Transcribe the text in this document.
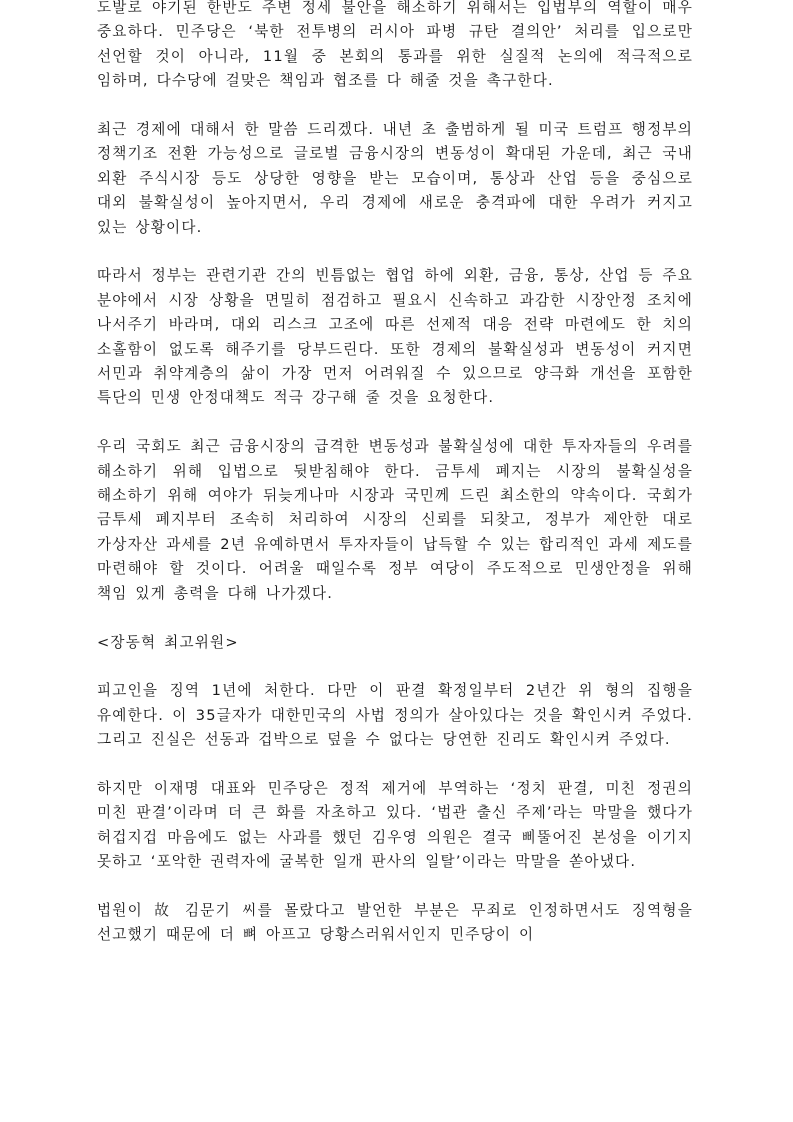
도발로 야기된 한반도 주변 정세 불안을 해소하기 위해서는 입법부의 역할이 매우 중요하다. 민주당은 ‘북한 전투병의 러시아 파병 규탄 결의안’ 처리를 입으로만 선언할 것이 아니라, 11월 중 본회의 통과를 위한 실질적 논의에 적극적으로 임하며, 다수당에 걸맞은 책임과 협조를 다 해줄 것을 촉구한다.

최근 경제에 대해서 한 말씀 드리겠다. 내년 초 출범하게 될 미국 트럼프 행정부의 정책기조 전환 가능성으로 글로벌 금융시장의 변동성이 확대된 가운데, 최근 국내 외환 주식시장 등도 상당한 영향을 받는 모습이며, 통상과 산업 등을 중심으로 대외 불확실성이 높아지면서, 우리 경제에 새로운 충격파에 대한 우려가 커지고 있는 상황이다.

따라서 정부는 관련기관 간의 빈틈없는 협업 하에 외환, 금융, 통상, 산업 등 주요 분야에서 시장 상황을 면밀히 점검하고 필요시 신속하고 과감한 시장안정 조치에 나서주기 바라며, 대외 리스크 고조에 따른 선제적 대응 전략 마련에도 한 치의 소홀함이 없도록 해주기를 당부드린다. 또한 경제의 불확실성과 변동성이 커지면 서민과 취약계층의 삶이 가장 먼저 어려워질 수 있으므로 양극화 개선을 포함한 특단의 민생 안정대책도 적극 강구해 줄 것을 요청한다.

우리 국회도 최근 금융시장의 급격한 변동성과 불확실성에 대한 투자자들의 우려를 해소하기 위해 입법으로 뒷받침해야 한다. 금투세 폐지는 시장의 불확실성을 해소하기 위해 여야가 뒤늦게나마 시장과 국민께 드린 최소한의 약속이다. 국회가 금투세 폐지부터 조속히 처리하여 시장의 신뢰를 되찾고, 정부가 제안한 대로 가상자산 과세를 2년 유예하면서 투자자들이 납득할 수 있는 합리적인 과세 제도를 마련해야 할 것이다. 어려울 때일수록 정부 여당이 주도적으로 민생안정을 위해 책임 있게 총력을 다해 나가겠다.

<장동혁 최고위원>

피고인을 징역 1년에 처한다. 다만 이 판결 확정일부터 2년간 위 형의 집행을 유예한다. 이 35글자가 대한민국의 사법 정의가 살아있다는 것을 확인시켜 주었다. 그리고 진실은 선동과 겁박으로 덮을 수 없다는 당연한 진리도 확인시켜 주었다.

하지만 이재명 대표와 민주당은 정적 제거에 부역하는 ‘정치 판결, 미친 정권의 미친 판결’이라며 더 큰 화를 자초하고 있다. ‘법관 출신 주제’라는 막말을 했다가 허겁지겁 마음에도 없는 사과를 했던 김우영 의원은 결국 삐뚤어진 본성을 이기지 못하고 ‘포악한 권력자에 굴복한 일개 판사의 일탈’이라는 막말을 쏟아냈다.

법원이 故 김문기 씨를 몰랐다고 발언한 부분은 무죄로 인정하면서도 징역형을 선고했기 때문에 더 뼈 아프고 당황스러워서인지 민주당이 이
